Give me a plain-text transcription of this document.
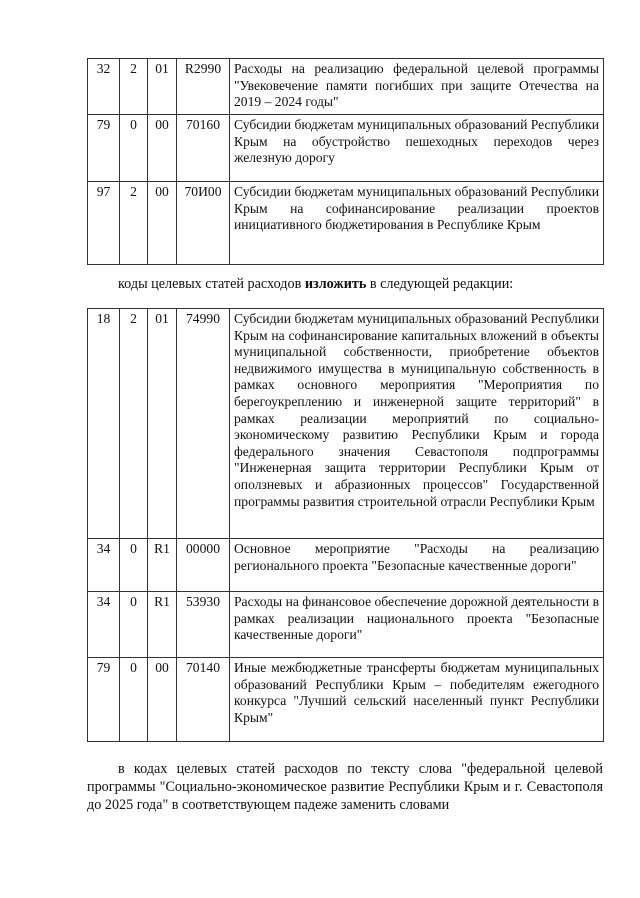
32	2	01	R2990	Расходы на реализацию федеральной целевой программы "Увековечение памяти погибших при защите Отечества на 2019 – 2024 годы"
79	0	00	70160	Субсидии бюджетам муниципальных образований Республики Крым на обустройство пешеходных переходов через железную дорогу
97	2	00	70И00	Субсидии бюджетам муниципальных образований Республики Крым на софинансирование реализации проектов инициативного бюджетирования в Республике Крым

коды целевых статей расходов изложить в следующей редакции:

18	2	01	74990	Субсидии бюджетам муниципальных образований Республики Крым на софинансирование капитальных вложений в объекты муниципальной собственности, приобретение объектов недвижимого имущества в муниципальную собственность в рамках основного мероприятия "Мероприятия по берегоукреплению и инженерной защите территорий" в рамках реализации мероприятий по социально-экономическому развитию Республики Крым и города федерального значения Севастополя подпрограммы "Инженерная защита территории Республики Крым от оползневых и абразионных процессов" Государственной программы развития строительной отрасли Республики Крым
34	0	R1	00000	Основное мероприятие "Расходы на реализацию регионального проекта "Безопасные качественные дороги"
34	0	R1	53930	Расходы на финансовое обеспечение дорожной деятельности в рамках реализации национального проекта "Безопасные качественные дороги"
79	0	00	70140	Иные межбюджетные трансферты бюджетам муниципальных образований Республики Крым – победителям ежегодного конкурса "Лучший сельский населенный пункт Республики Крым"

в кодах целевых статей расходов по тексту слова "федеральной целевой программы "Социально-экономическое развитие Республики Крым и г. Севастополя до 2025 года" в соответствующем падеже заменить словами
